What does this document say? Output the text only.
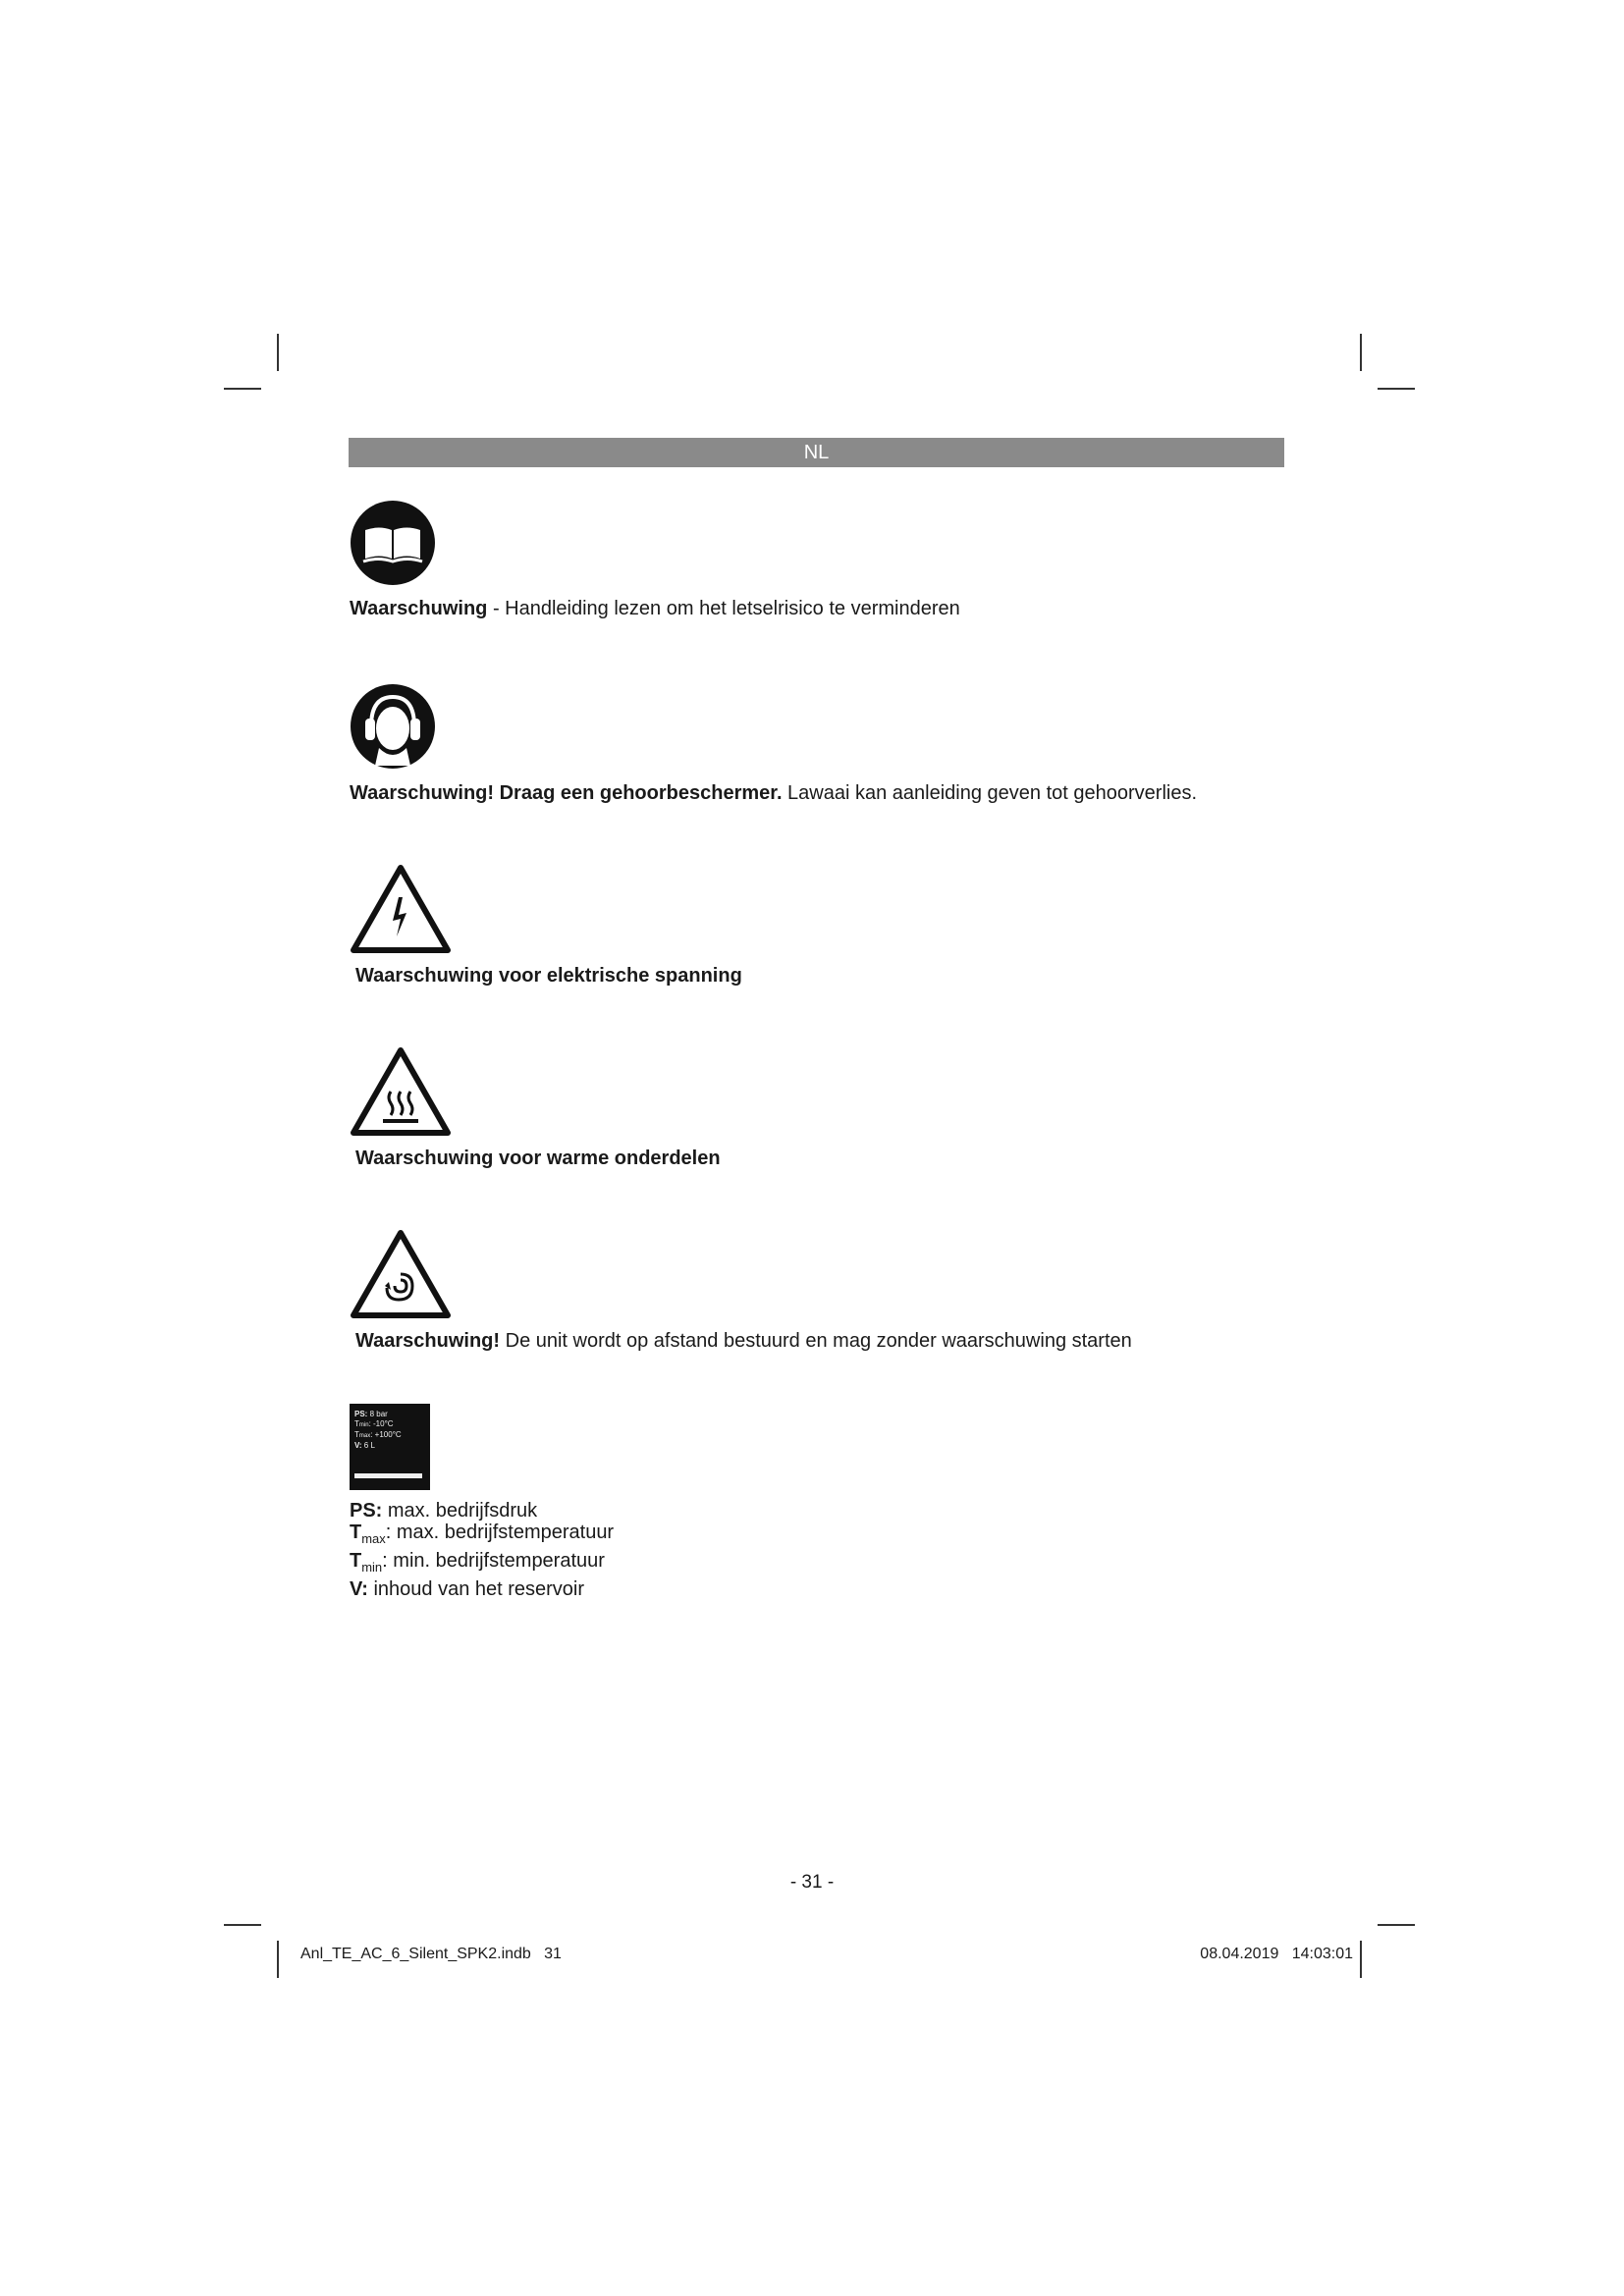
NL
Waarschuwing - Handleiding lezen om het letselrisico te verminderen
Waarschuwing! Draag een gehoorbeschermer. Lawaai kan aanleiding geven tot gehoorverlies.
Waarschuwing voor elektrische spanning
Waarschuwing voor warme onderdelen
Waarschuwing! De unit wordt op afstand bestuurd en mag zonder waarschuwing starten
PS: 8 bar
Tmin: -10°C
Tmax: +100°C
V: 6 L
PS: max. bedrijfsdruk
$T_{max}$: max. bedrijfstemperatuur
$T_{min}$: min. bedrijfstemperatuur
V: inhoud van het reservoir
- 31 -
Anl_TE_AC_6_Silent_SPK2.indb   31	08.04.2019   14:03:01
